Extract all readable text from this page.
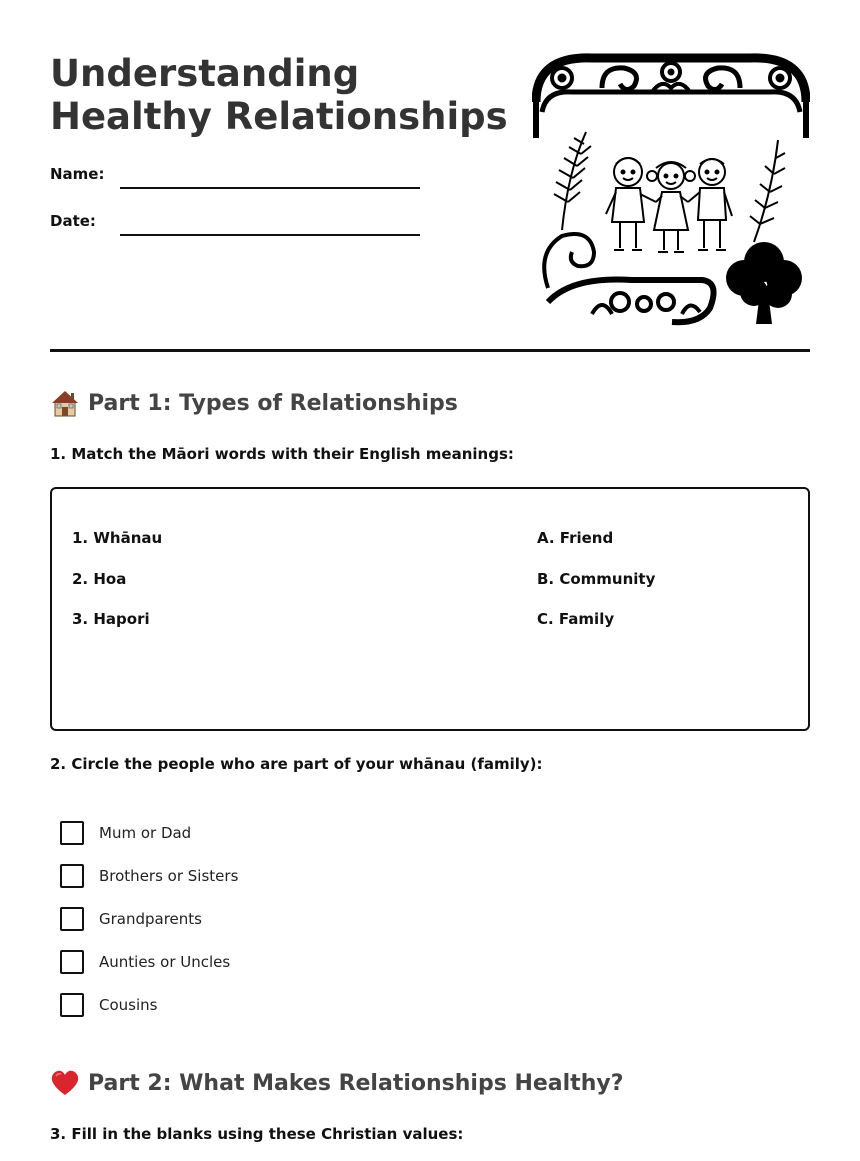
Understanding Healthy Relationships
Name:
Date:
Part 1: Types of Relationships
1. Match the Māori words with their English meanings:
1. Whānau
2. Hoa
3. Hapori
A. Friend
B. Community
C. Family
2. Circle the people who are part of your whānau (family):
Mum or Dad
Brothers or Sisters
Grandparents
Aunties or Uncles
Cousins
Part 2: What Makes Relationships Healthy?
3. Fill in the blanks using these Christian values:
